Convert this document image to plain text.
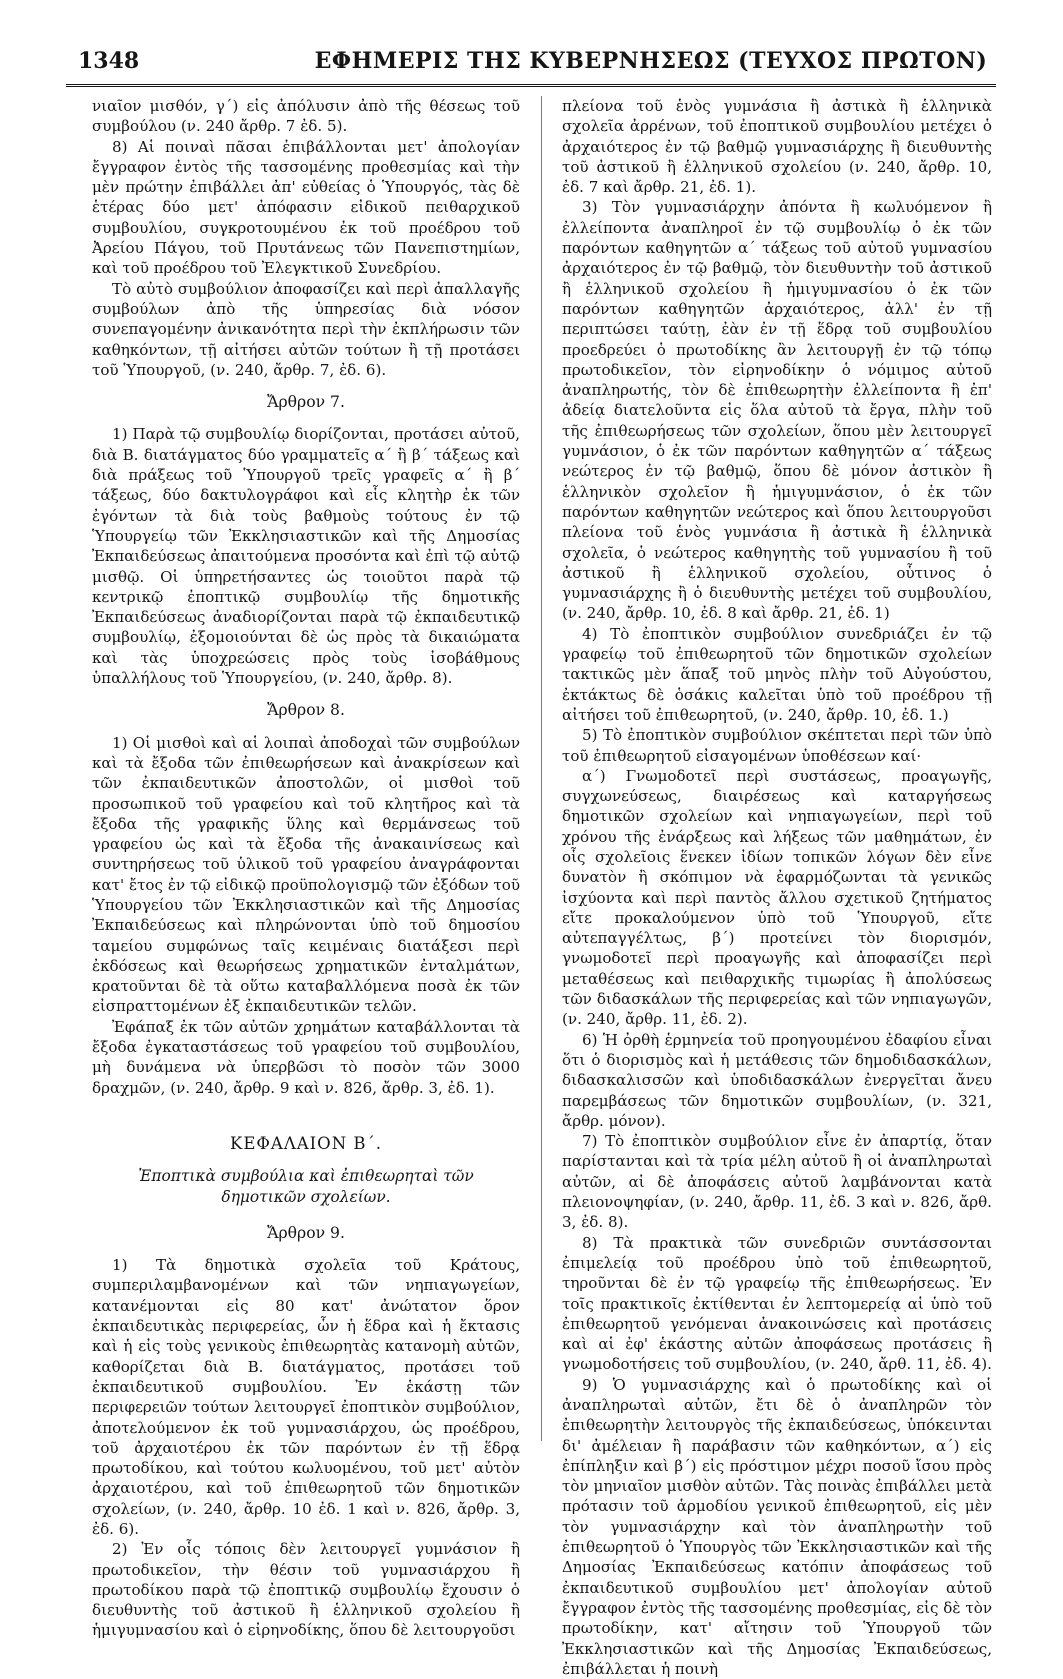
1348	ΕΦΗΜΕΡΙΣ ΤΗΣ ΚΥΒΕΡΝΗΣΕΩΣ (ΤΕΥΧΟΣ ΠΡΩΤΟΝ)

νιαῖον μισθόν, γ΄) εἰς ἀπόλυσιν ἀπὸ τῆς θέσεως τοῦ συμβούλου (ν. 240 ἄρθρ. 7 ἐδ. 5).

8) Αἱ ποιναὶ πᾶσαι ἐπιβάλλονται μετ' ἀπολογίαν ἔγγραφον ἐντὸς τῆς τασσομένης προθεσμίας καὶ τὴν μὲν πρώτην ἐπιβάλλει ἀπ' εὐθείας ὁ Ὑπουργός, τὰς δὲ ἑτέρας δύο μετ' ἀπόφασιν εἰδικοῦ πειθαρχικοῦ συμβουλίου, συγκροτουμένου ἐκ τοῦ προέδρου τοῦ Ἀρείου Πάγου, τοῦ Πρυτάνεως τῶν Πανεπιστημίων, καὶ τοῦ προέδρου τοῦ Ἐλεγκτικοῦ Συνεδρίου.

Τὸ αὐτὸ συμβούλιον ἀποφασίζει καὶ περὶ ἀπαλλαγῆς συμβούλων ἀπὸ τῆς ὑπηρεσίας διὰ νόσον συνεπαγομένην ἀνικανότητα περὶ τὴν ἐκπλήρωσιν τῶν καθηκόντων, τῇ αἰτήσει αὐτῶν τούτων ἢ τῇ προτάσει τοῦ Ὑπουργοῦ, (ν. 240, ἄρθρ. 7, ἐδ. 6).

Ἄρθρον 7.

1) Παρὰ τῷ συμβουλίῳ διορίζονται, προτάσει αὐτοῦ, διὰ Β. διατάγματος δύο γραμματεῖς α΄ ἢ β΄ τάξεως καὶ διὰ πράξεως τοῦ Ὑπουργοῦ τρεῖς γραφεῖς α΄ ἢ β΄ τάξεως, δύο δακτυλογράφοι καὶ εἷς κλητὴρ ἐκ τῶν ἐγόντων τὰ διὰ τοὺς βαθμοὺς τούτους ἐν τῷ Ὑπουργείῳ τῶν Ἐκκλησιαστικῶν καὶ τῆς Δημοσίας Ἐκπαιδεύσεως ἀπαιτούμενα προσόντα καὶ ἐπὶ τῷ αὐτῷ μισθῷ. Οἱ ὑπηρετήσαντες ὡς τοιοῦτοι παρὰ τῷ κεντρικῷ ἐποπτικῷ συμβουλίῳ τῆς δημοτικῆς Ἐκπαιδεύσεως ἀναδιορίζονται παρὰ τῷ ἐκπαιδευτικῷ συμβουλίῳ, ἐξομοιούνται δὲ ὡς πρὸς τὰ δικαιώματα καὶ τὰς ὑποχρεώσεις πρὸς τοὺς ἰσοβάθμους ὑπαλλήλους τοῦ Ὑπουργείου, (ν. 240, ἄρθρ. 8).

Ἄρθρον 8.

1) Οἱ μισθοὶ καὶ αἱ λοιπαὶ ἀποδοχαὶ τῶν συμβούλων καὶ τὰ ἔξοδα τῶν ἐπιθεωρήσεων καὶ ἀνακρίσεων καὶ τῶν ἐκπαιδευτικῶν ἀποστολῶν, οἱ μισθοὶ τοῦ προσωπικοῦ τοῦ γραφείου καὶ τοῦ κλητῆρος καὶ τὰ ἔξοδα τῆς γραφικῆς ὕλης καὶ θερμάνσεως τοῦ γραφείου ὡς καὶ τὰ ἔξοδα τῆς ἀνακαινίσεως καὶ συντηρήσεως τοῦ ὑλικοῦ τοῦ γραφείου ἀναγράφονται κατ' ἔτος ἐν τῷ εἰδικῷ προϋπολογισμῷ τῶν ἐξόδων τοῦ Ὑπουργείου τῶν Ἐκκλησιαστικῶν καὶ τῆς Δημοσίας Ἐκπαιδεύσεως καὶ πληρώνονται ὑπὸ τοῦ δημοσίου ταμείου συμφώνως ταῖς κειμέναις διατάξεσι περὶ ἐκδόσεως καὶ θεωρήσεως χρηματικῶν ἐνταλμάτων, κρατοῦνται δὲ τὰ οὕτω καταβαλλόμενα ποσὰ ἐκ τῶν εἰσπραττομένων ἐξ ἐκπαιδευτικῶν τελῶν.

Ἐφάπαξ ἐκ τῶν αὐτῶν χρημάτων καταβάλλονται τὰ ἔξοδα ἐγκαταστάσεως τοῦ γραφείου τοῦ συμβουλίου, μὴ δυνάμενα νὰ ὑπερβῶσι τὸ ποσὸν τῶν 3000 δραχμῶν, (ν. 240, ἄρθρ. 9 καὶ ν. 826, ἄρθρ. 3, ἐδ. 1).

ΚΕΦΑΛΑΙΟΝ Β΄.
Ἐποπτικὰ συμβούλια καὶ ἐπιθεωρηταὶ τῶν δημοτικῶν σχολείων.
Ἄρθρον 9.

1) Τὰ δημοτικὰ σχολεῖα τοῦ Κράτους, συμπεριλαμβανομένων καὶ τῶν νηπιαγωγείων, κατανέμονται εἰς 80 κατ' ἀνώτατον ὅρον ἐκπαιδευτικὰς περιφερείας, ὧν ἡ ἕδρα καὶ ἡ ἔκτασις καὶ ἡ εἰς τοὺς γενικοὺς ἐπιθεωρητὰς κατανομὴ αὐτῶν, καθορίζεται διὰ Β. διατάγματος, προτάσει τοῦ ἐκπαιδευτικοῦ συμβουλίου. Ἐν ἑκάστῃ τῶν περιφερειῶν τούτων λειτουργεῖ ἐποπτικὸν συμβούλιον, ἀποτελούμενον ἐκ τοῦ γυμνασιάρχου, ὡς προέδρου, τοῦ ἀρχαιοτέρου ἐκ τῶν παρόντων ἐν τῇ ἕδρᾳ πρωτοδίκου, καὶ τούτου κωλυομένου, τοῦ μετ' αὐτὸν ἀρχαιοτέρου, καὶ τοῦ ἐπιθεωρητοῦ τῶν δημοτικῶν σχολείων, (ν. 240, ἄρθρ. 10 ἐδ. 1 καὶ ν. 826, ἄρθρ. 3, ἐδ. 6).

2) Ἐν οἷς τόποις δὲν λειτουργεῖ γυμνάσιον ἢ πρωτοδικεῖον, τὴν θέσιν τοῦ γυμνασιάρχου ἢ πρωτοδίκου παρὰ τῷ ἐποπτικῷ συμβουλίῳ ἔχουσιν ὁ διευθυντὴς τοῦ ἀστικοῦ ἢ ἑλληνικοῦ σχολείου ἢ ἡμιγυμνασίου καὶ ὁ εἰρηνοδίκης, ὅπου δὲ λειτουργοῦσι

πλείονα τοῦ ἑνὸς γυμνάσια ἢ ἀστικὰ ἢ ἑλληνικὰ σχολεῖα ἀρρένων, τοῦ ἐποπτικοῦ συμβουλίου μετέχει ὁ ἀρχαιότερος ἐν τῷ βαθμῷ γυμνασιάρχης ἢ διευθυντὴς τοῦ ἀστικοῦ ἢ ἑλληνικοῦ σχολείου (ν. 240, ἄρθρ. 10, ἐδ. 7 καὶ ἄρθρ. 21, ἐδ. 1).

3) Τὸν γυμνασιάρχην ἀπόντα ἢ κωλυόμενον ἢ ἐλλείποντα ἀναπληροῖ ἐν τῷ συμβουλίῳ ὁ ἐκ τῶν παρόντων καθηγητῶν α΄ τάξεως τοῦ αὐτοῦ γυμνασίου ἀρχαιότερος ἐν τῷ βαθμῷ, τὸν διευθυντὴν τοῦ ἀστικοῦ ἢ ἑλληνικοῦ σχολείου ἢ ἡμιγυμνασίου ὁ ἐκ τῶν παρόντων καθηγητῶν ἀρχαιότερος, ἀλλ' ἐν τῇ περιπτώσει ταύτῃ, ἐὰν ἐν τῇ ἕδρᾳ τοῦ συμβουλίου προεδρεύει ὁ πρωτοδίκης ἂν λειτουργῇ ἐν τῷ τόπῳ πρωτοδικεῖον, τὸν εἰρηνοδίκην ὁ νόμιμος αὐτοῦ ἀναπληρωτής, τὸν δὲ ἐπιθεωρητὴν ἐλλείποντα ἢ ἐπ' ἀδείᾳ διατελοῦντα εἰς ὅλα αὐτοῦ τὰ ἔργα, πλὴν τοῦ τῆς ἐπιθεωρήσεως τῶν σχολείων, ὅπου μὲν λειτουργεῖ γυμνάσιον, ὁ ἐκ τῶν παρόντων καθηγητῶν α΄ τάξεως νεώτερος ἐν τῷ βαθμῷ, ὅπου δὲ μόνον ἀστικὸν ἢ ἑλληνικὸν σχολεῖον ἢ ἡμιγυμνάσιον, ὁ ἐκ τῶν παρόντων καθηγητῶν νεώτερος καὶ ὅπου λειτουργοῦσι πλείονα τοῦ ἑνὸς γυμνάσια ἢ ἀστικὰ ἢ ἑλληνικὰ σχολεῖα, ὁ νεώτερος καθηγητὴς τοῦ γυμνασίου ἢ τοῦ ἀστικοῦ ἢ ἑλληνικοῦ σχολείου, οὗτινος ὁ γυμνασιάρχης ἢ ὁ διευθυντὴς μετέχει τοῦ συμβουλίου, (ν. 240, ἄρθρ. 10, ἐδ. 8 καὶ ἄρθρ. 21, ἐδ. 1)

4) Τὸ ἐποπτικὸν συμβούλιον συνεδριάζει ἐν τῷ γραφείῳ τοῦ ἐπιθεωρητοῦ τῶν δημοτικῶν σχολείων τακτικῶς μὲν ἅπαξ τοῦ μηνὸς πλὴν τοῦ Αὐγούστου, ἐκτάκτως δὲ ὁσάκις καλεῖται ὑπὸ τοῦ προέδρου τῇ αἰτήσει τοῦ ἐπιθεωρητοῦ, (ν. 240, ἄρθρ. 10, ἐδ. 1.)

5) Τὸ ἐποπτικὸν συμβούλιον σκέπτεται περὶ τῶν ὑπὸ τοῦ ἐπιθεωρητοῦ εἰσαγομένων ὑποθέσεων καί·

α΄) Γνωμοδοτεῖ περὶ συστάσεως, προαγωγῆς, συγχωνεύσεως, διαιρέσεως καὶ καταργήσεως δημοτικῶν σχολείων καὶ νηπιαγωγείων, περὶ τοῦ χρόνου τῆς ἐνάρξεως καὶ λήξεως τῶν μαθημάτων, ἐν οἷς σχολεῖοις ἕνεκεν ἰδίων τοπικῶν λόγων δὲν εἶνε δυνατὸν ἢ σκόπιμον νὰ ἐφαρμόζωνται τὰ γενικῶς ἰσχύοντα καὶ περὶ παντὸς ἄλλου σχετικοῦ ζητήματος εἴτε προκαλούμενον ὑπὸ τοῦ Ὑπουργοῦ, εἴτε αὐτεπαγγέλτως, β΄) προτείνει τὸν διορισμόν, γνωμοδοτεῖ περὶ προαγωγῆς καὶ ἀποφασίζει περὶ μεταθέσεως καὶ πειθαρχικῆς τιμωρίας ἢ ἀπολύσεως τῶν διδασκάλων τῆς περιφερείας καὶ τῶν νηπιαγωγῶν, (ν. 240, ἄρθρ. 11, ἐδ. 2).

6) Ἡ ὀρθὴ ἑρμηνεία τοῦ προηγουμένου ἐδαφίου εἶναι ὅτι ὁ διορισμὸς καὶ ἡ μετάθεσις τῶν δημοδιδασκάλων, διδασκαλισσῶν καὶ ὑποδιδασκάλων ἐνεργεῖται ἄνευ παρεμβάσεως τῶν δημοτικῶν συμβουλίων, (ν. 321, ἄρθρ. μόνον).

7) Τὸ ἐποπτικὸν συμβούλιον εἶνε ἐν ἀπαρτίᾳ, ὅταν παρίστανται καὶ τὰ τρία μέλη αὐτοῦ ἢ οἱ ἀναπληρωταὶ αὐτῶν, αἱ δὲ ἀποφάσεις αὐτοῦ λαμβάνονται κατὰ πλειονοψηφίαν, (ν. 240, ἄρθρ. 11, ἐδ. 3 καὶ ν. 826, ἄρθ. 3, ἐδ. 8).

8) Τὰ πρακτικὰ τῶν συνεδριῶν συντάσσονται ἐπιμελείᾳ τοῦ προέδρου ὑπὸ τοῦ ἐπιθεωρητοῦ, τηροῦνται δὲ ἐν τῷ γραφείῳ τῆς ἐπιθεωρήσεως. Ἐν τοῖς πρακτικοῖς ἐκτίθενται ἐν λεπτομερείᾳ αἱ ὑπὸ τοῦ ἐπιθεωρητοῦ γενόμεναι ἀνακοινώσεις καὶ προτάσεις καὶ αἱ ἐφ' ἑκάστης αὐτῶν ἀποφάσεως προτάσεις ἢ γνωμοδοτήσεις τοῦ συμβουλίου, (ν. 240, ἄρθ. 11, ἐδ. 4).

9) Ὁ γυμνασιάρχης καὶ ὁ πρωτοδίκης καὶ οἱ ἀναπληρωταὶ αὐτῶν, ἔτι δὲ ὁ ἀναπληρῶν τὸν ἐπιθεωρητὴν λειτουργὸς τῆς ἐκπαιδεύσεως, ὑπόκεινται δι' ἀμέλειαν ἢ παράβασιν τῶν καθηκόντων, α΄) εἰς ἐπίπληξιν καὶ β΄) εἰς πρόστιμον μέχρι ποσοῦ ἴσου πρὸς τὸν μηνιαῖον μισθὸν αὐτῶν. Τὰς ποινὰς ἐπιβάλλει μετὰ πρότασιν τοῦ ἁρμοδίου γενικοῦ ἐπιθεωρητοῦ, εἰς μὲν τὸν γυμνασιάρχην καὶ τὸν ἀναπληρωτὴν τοῦ ἐπιθεωρητοῦ ὁ Ὑπουργὸς τῶν Ἐκκλησιαστικῶν καὶ τῆς Δημοσίας Ἐκπαιδεύσεως κατόπιν ἀποφάσεως τοῦ ἐκπαιδευτικοῦ συμβουλίου μετ' ἀπολογίαν αὐτοῦ ἔγγραφον ἐντὸς τῆς τασσομένης προθεσμίας, εἰς δὲ τὸν πρωτοδίκην, κατ' αἴτησιν τοῦ Ὑπουργοῦ τῶν Ἐκκλησιαστικῶν καὶ τῆς Δημοσίας Ἐκπαιδεύσεως, ἐπιβάλλεται ἡ ποινὴ
